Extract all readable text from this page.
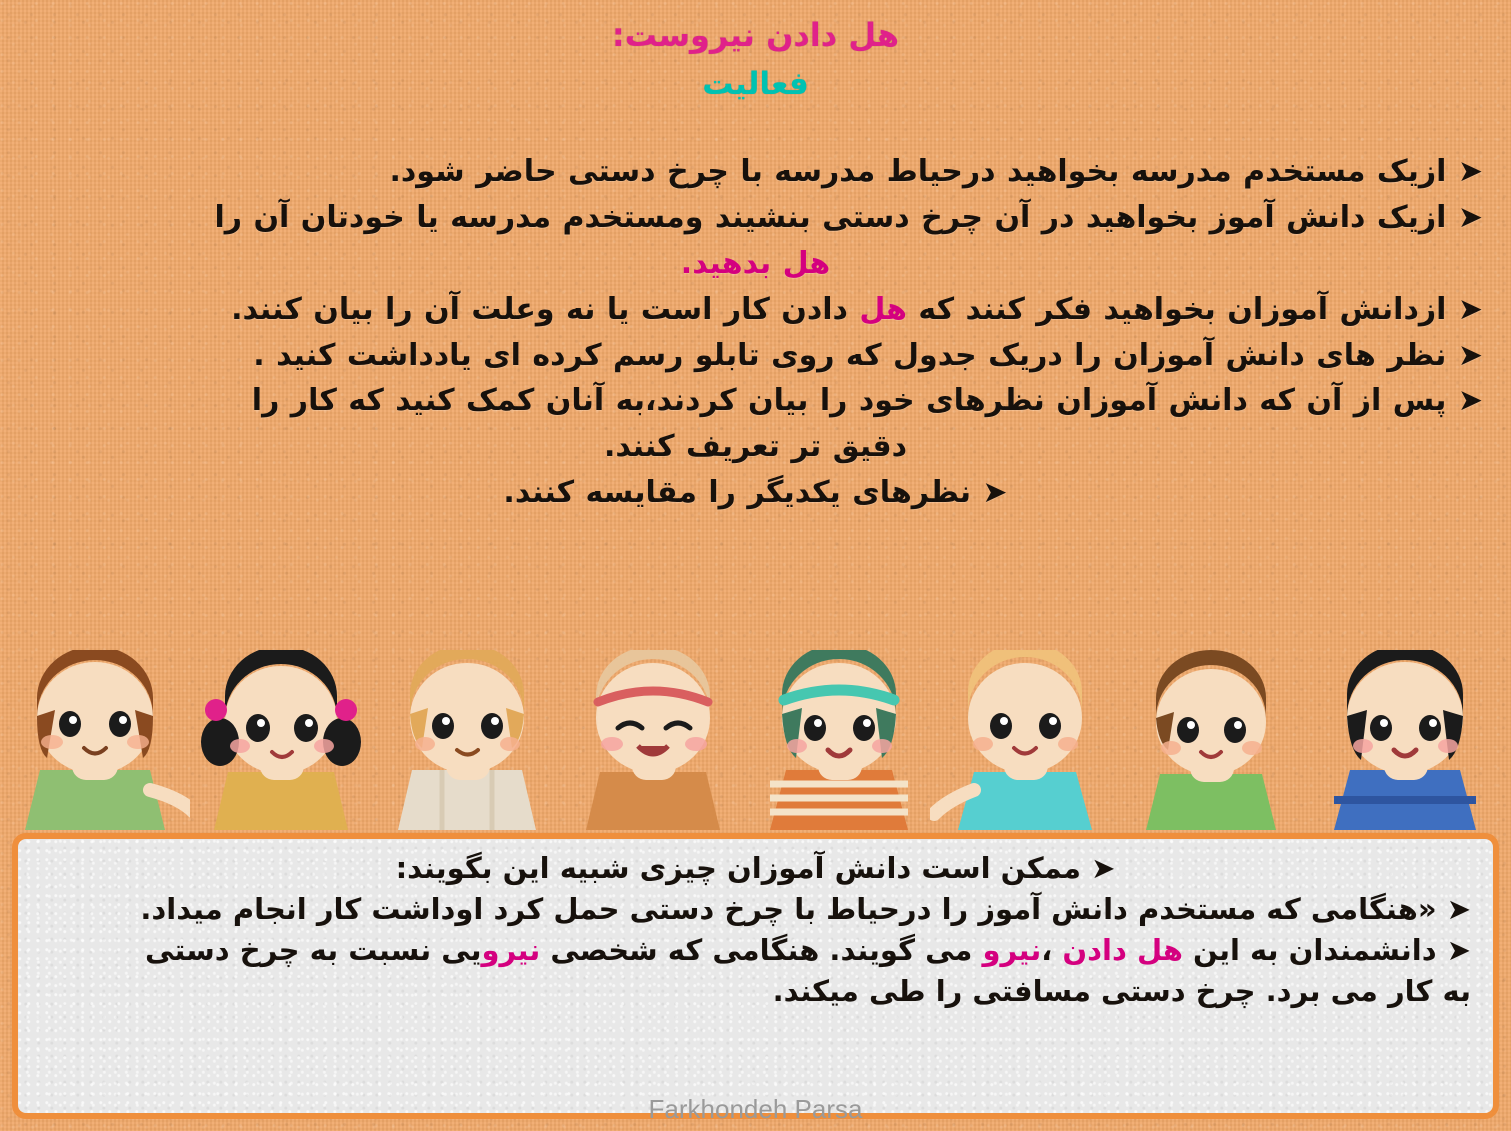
هل دادن نیروست:
فعالیت
➤ ازیک مستخدم مدرسه بخواهید درحیاط مدرسه با چرخ دستی حاضر شود.
➤ ازیک دانش آموز بخواهید در آن چرخ دستی بنشیند ومستخدم مدرسه یا خودتان آن را
هل بدهید.
➤ ازدانش آموزان بخواهید فکر کنند که هل دادن کار است یا نه وعلت آن را بیان کنند.
➤ نظر های دانش آموزان را دریک جدول که روی تابلو رسم کرده ای یادداشت کنید .
➤ پس از آن که دانش آموزان نظرهای خود را بیان کردند،به آنان کمک کنید که کار را
دقیق تر تعریف کنند.
➤ نظرهای یکدیگر را مقایسه کنند.
➤ ممکن است دانش آموزان چیزی شبیه این بگویند:
➤ «هنگامی که مستخدم دانش آموز را درحیاط با چرخ دستی حمل کرد اوداشت کار انجام میداد.
➤ دانشمندان به این هل دادن ،نیرو می گویند. هنگامی که شخصی نیرویی نسبت به چرخ دستی
به کار می برد. چرخ دستی مسافتی را طی میکند.
Farkhondeh Parsa
